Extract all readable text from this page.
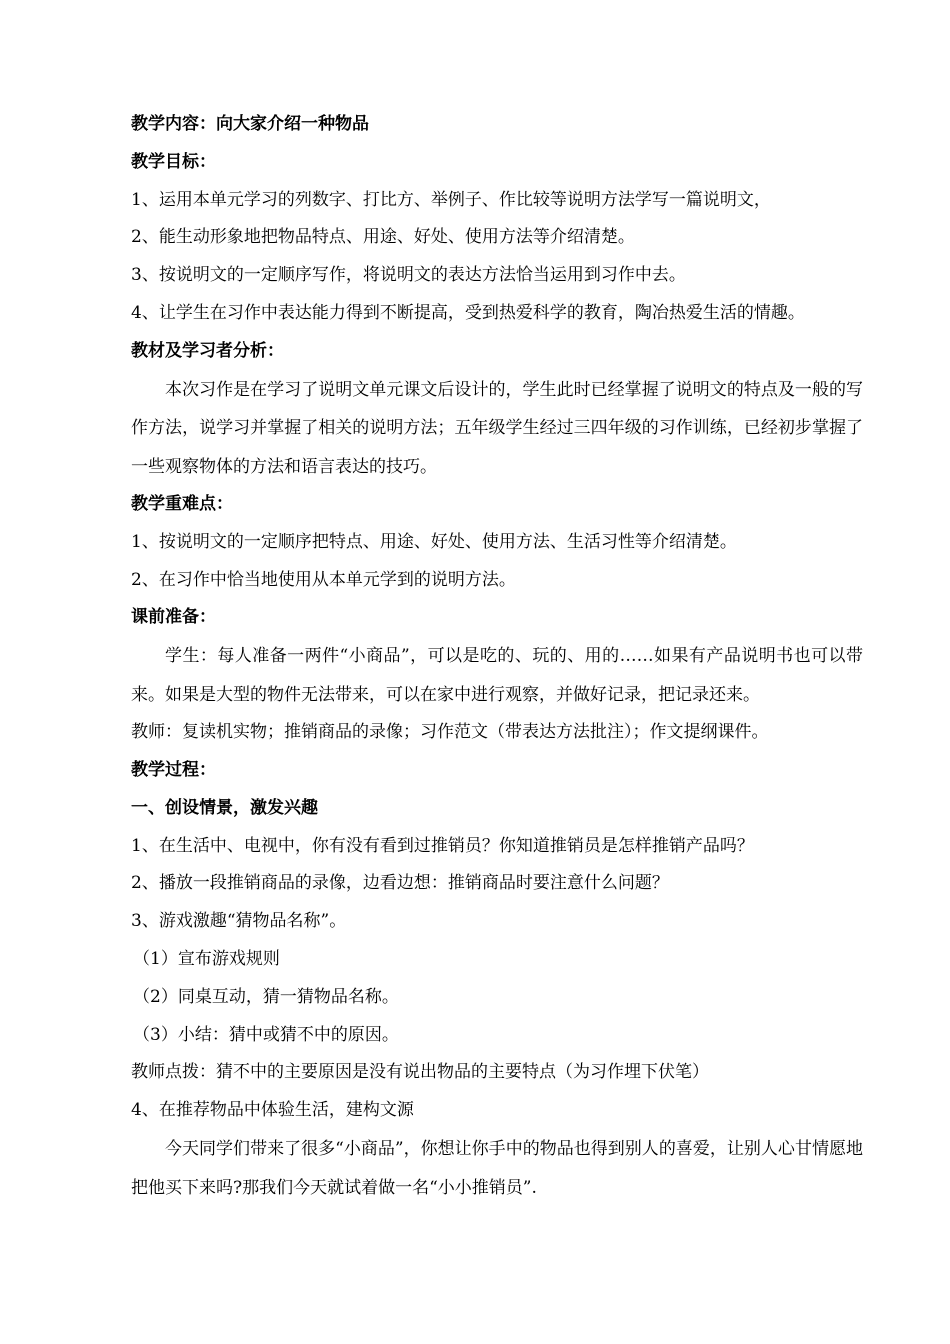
教学内容：向大家介绍一种物品
教学目标：
1、运用本单元学习的列数字、打比方、举例子、作比较等说明方法学写一篇说明文，
2、能生动形象地把物品特点、用途、好处、使用方法等介绍清楚。
3、按说明文的一定顺序写作，将说明文的表达方法恰当运用到习作中去。
4、让学生在习作中表达能力得到不断提高，受到热爱科学的教育，陶冶热爱生活的情趣。
教材及学习者分析：
本次习作是在学习了说明文单元课文后设计的，学生此时已经掌握了说明文的特点及一般的写作方法，说学习并掌握了相关的说明方法；五年级学生经过三四年级的习作训练，已经初步掌握了一些观察物体的方法和语言表达的技巧。
教学重难点：
1、按说明文的一定顺序把特点、用途、好处、使用方法、生活习性等介绍清楚。
2、在习作中恰当地使用从本单元学到的说明方法。
课前准备：
学生：每人准备一两件“小商品”，可以是吃的、玩的、用的……如果有产品说明书也可以带来。如果是大型的物件无法带来，可以在家中进行观察，并做好记录，把记录还来。
教师：复读机实物；推销商品的录像；习作范文（带表达方法批注）；作文提纲课件。
教学过程：
一、创设情景，激发兴趣
1、在生活中、电视中，你有没有看到过推销员？你知道推销员是怎样推销产品吗？
2、播放一段推销商品的录像，边看边想：推销商品时要注意什么问题？
3、游戏激趣“猜物品名称”。
（1）宣布游戏规则
（2）同桌互动，猜一猜物品名称。
（3）小结：猜中或猜不中的原因。
教师点拨：猜不中的主要原因是没有说出物品的主要特点（为习作埋下伏笔）
4、在推荐物品中体验生活，建构文源
今天同学们带来了很多“小商品”，你想让你手中的物品也得到别人的喜爱，让别人心甘情愿地把他买下来吗?那我们今天就试着做一名“小小推销员”.
